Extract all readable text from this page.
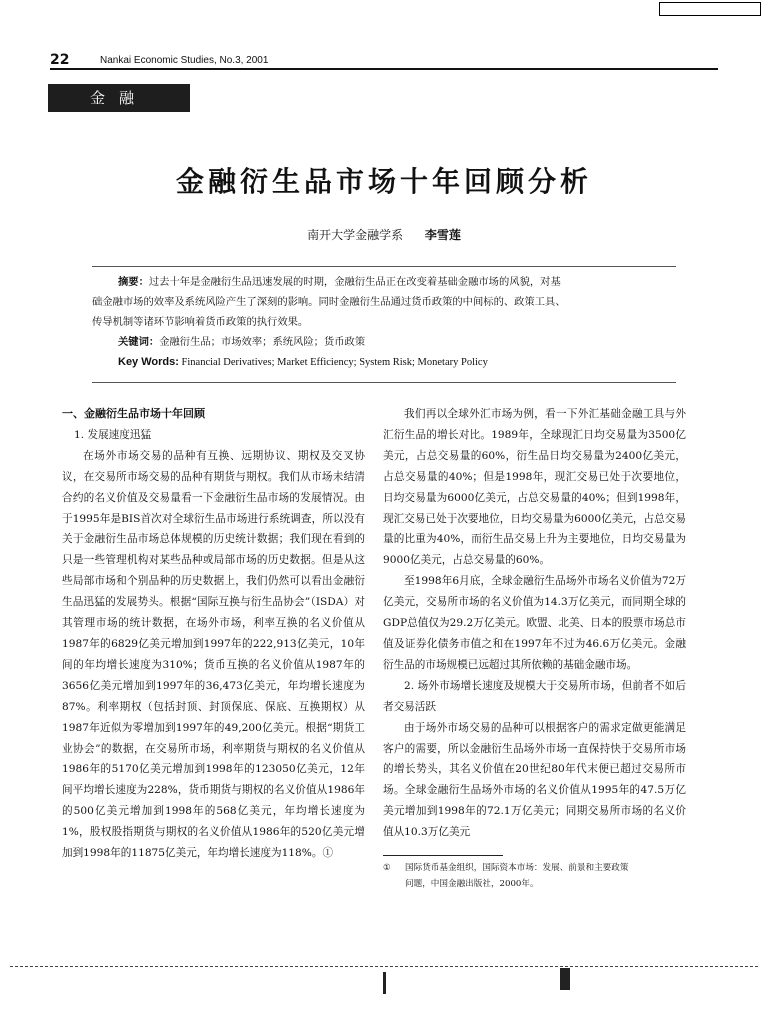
22	Nankai Economic Studies, No.3, 2001
金融
金融衍生品市场十年回顾分析
南开大学金融学系 李雪莲

摘要：过去十年是金融衍生品迅速发展的时期，金融衍生品正在改变着基础金融市场的风貌，对基

础金融市场的效率及系统风险产生了深刻的影响。同时金融衍生品通过货币政策的中间标的、政策工具、

传导机制等诸环节影响着货币政策的执行效果。

关键词：金融衍生品；市场效率；系统风险；货币政策

Key Words: Financial Derivatives; Market Efficiency; System Risk; Monetary Policy

一、金融衍生品市场十年回顾

1. 发展速度迅猛

在场外市场交易的品种有互换、远期协议、期权及交叉协议，在交易所市场交易的品种有期货与期权。我们从市场未结清合约的名义价值及交易量看一下金融衍生品市场的发展情况。由于1995年是BIS首次对全球衍生品市场进行系统调查，所以没有关于金融衍生品市场总体规模的历史统计数据；我们现在看到的只是一些管理机构对某些品种或局部市场的历史数据。但是从这些局部市场和个别品种的历史数据上，我们仍然可以看出金融衍生品迅猛的发展势头。根据“国际互换与衍生品协会”（ISDA）对其管理市场的统计数据，在场外市场，利率互换的名义价值从1987年的6829亿美元增加到1997年的222,913亿美元，10年间的年均增长速度为310%；货币互换的名义价值从1987年的3656亿美元增加到1997年的36,473亿美元，年均增长速度为87%。利率期权（包括封顶、封顶保底、保底、互换期权）从1987年近似为零增加到1997年的49,200亿美元。根据“期货工业协会”的数据，在交易所市场，利率期货与期权的名义价值从1986年的5170亿美元增加到1998年的123050亿美元，12年间平均增长速度为228%，货币期货与期权的名义价值从1986年的500亿美元增加到1998年的568亿美元，年均增长速度为1%，股权股指期货与期权的名义价值从1986年的520亿美元增加到1998年的11875亿美元，年均增长速度为118%。①

我们再以全球外汇市场为例，看一下外汇基础金融工具与外汇衍生品的增长对比。1989年，全球现汇日均交易量为3500亿美元，占总交易量的60%，衍生品日均交易量为2400亿美元，占总交易量的40%；但是1998年，现汇交易已处于次要地位，日均交易量为6000亿美元，占总交易量的40%；但到1998年，现汇交易已处于次要地位，日均交易量为6000亿美元，占总交易量的比重为40%，而衍生品交易上升为主要地位，日均交易量为9000亿美元，占总交易量的60%。

至1998年6月底，全球金融衍生品场外市场名义价值为72万亿美元，交易所市场的名义价值为14.3万亿美元，而同期全球的GDP总值仅为29.2万亿美元。欧盟、北美、日本的股票市场总市值及证券化债务市值之和在1997年不过为46.6万亿美元。金融衍生品的市场规模已远超过其所依赖的基础金融市场。

2. 场外市场增长速度及规模大于交易所市场，但前者不如后者交易活跃

由于场外市场交易的品种可以根据客户的需求定做更能满足客户的需要，所以金融衍生品场外市场一直保持快于交易所市场的增长势头，其名义价值在20世纪80年代末便已超过交易所市场。全球金融衍生品场外市场的名义价值从1995年的47.5万亿美元增加到1998年的72.1万亿美元；同期交易所市场的名义价值从10.3万亿美元

① 国际货币基金组织，国际资本市场：发展、前景和主要政策
问题，中国金融出版社，2000年。
